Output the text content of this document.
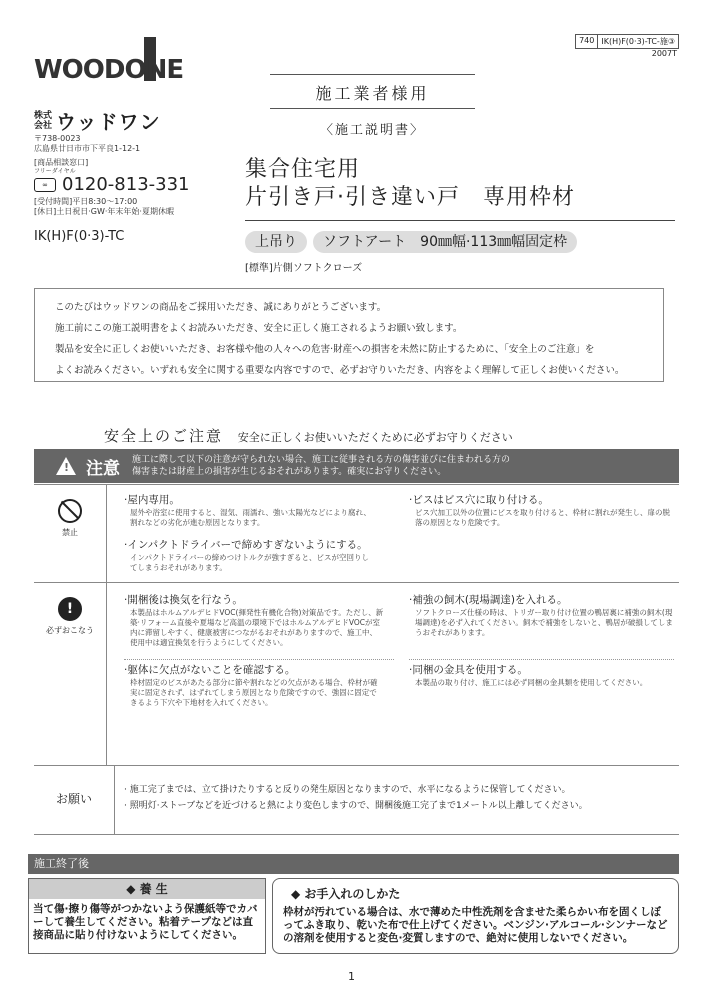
740 IK(H)F(0·3)-TC-施③
2007T
WOODONE
株式会社 ウッドワン
〒738-0023
広島県廿日市市下平良1-12-1
[商品相談窓口]
フリーダイヤル
∞ 0120-813-331
[受付時間]平日8:30～17:00
[休日]土日祝日·GW·年末年始·夏期休暇
IK(H)F(0·3)-TC
施工業者様用
〈施工説明書〉
集合住宅用
片引き戸·引き違い戸　専用枠材
上吊り	ソフトアート　90㎜幅·113㎜幅固定枠
[標準]片側ソフトクローズ
このたびはウッドワンの商品をご採用いただき、誠にありがとうございます。
施工前にこの施工説明書をよくお読みいただき、安全に正しく施工されるようお願い致します。
製品を安全に正しくお使いいただき、お客様や他の人々への危害·財産への損害を未然に防止するために、「安全上のご注意」を
よくお読みください。いずれも安全に関する重要な内容ですので、必ずお守りいただき、内容をよく理解して正しくお使いください。
安全上のご注意 安全に正しくお使いいただくために必ずお守りください
! 注意 施工に際して以下の注意が守られない場合、施工に従事される方の傷害並びに住まわれる方の
傷害または財産上の損害が生じるおそれがあります。確実にお守りください。
禁止
·屋内専用。
屋外や浴室に使用すると、湿気、雨濡れ、強い太陽光などにより腐れ、割れなどの劣化が進む原因となります。
·インパクトドライバーで締めすぎないようにする。
インパクトドライバーの締めつけトルクが強すぎると、ビスが空回りしてしまうおそれがあります。
·ビスはビス穴に取り付ける。
ビス穴加工以外の位置にビスを取り付けると、枠材に割れが発生し、扉の脱落の原因となり危険です。
!
必ずおこなう
·開梱後は換気を行なう。
本製品はホルムアルデヒドVOC(揮発性有機化合物)対策品です。ただし、新築·リフォーム直後や夏場など高温の環境下ではホルムアルデヒドVOCが室内に滞留しやすく、健康被害につながるおそれがありますので、施工中、使用中は適宜換気を行うようにしてください。
·躯体に欠点がないことを確認する。
枠材固定のビスがあたる部分に節や割れなどの欠点がある場合、枠材が確実に固定されず、はずれてしまう原因となり危険ですので、強固に固定できるよう下穴や下地材を入れてください。
·補強の飼木(現場調達)を入れる。
ソフトクローズ仕様の時は、トリガー取り付け位置の鴨居裏に補強の飼木(現場調達)を必ず入れてください。飼木で補強をしないと、鴨居が破損してしまうおそれがあります。
·同梱の金具を使用する。
本製品の取り付け、施工には必ず同梱の金具類を使用してください。
お願い
· 施工完了までは、立て掛けたりすると反りの発生原因となりますので、水平になるように保管してください。
· 照明灯·ストーブなどを近づけると熱により変色しますので、開梱後施工完了まで1メートル以上離してください。
施工終了後
◆ 養 生
当て傷·擦り傷等がつかないよう保護紙等でカバーして養生してください。粘着テープなどは直接商品に貼り付けないようにしてください。
◆ お手入れのしかた
枠材が汚れている場合は、水で薄めた中性洗剤を含ませた柔らかい布を固くしぼってふき取り、乾いた布で仕上げてください。ベンジン·アルコール·シンナーなどの溶剤を使用すると変色·変質しますので、絶対に使用しないでください。
1
